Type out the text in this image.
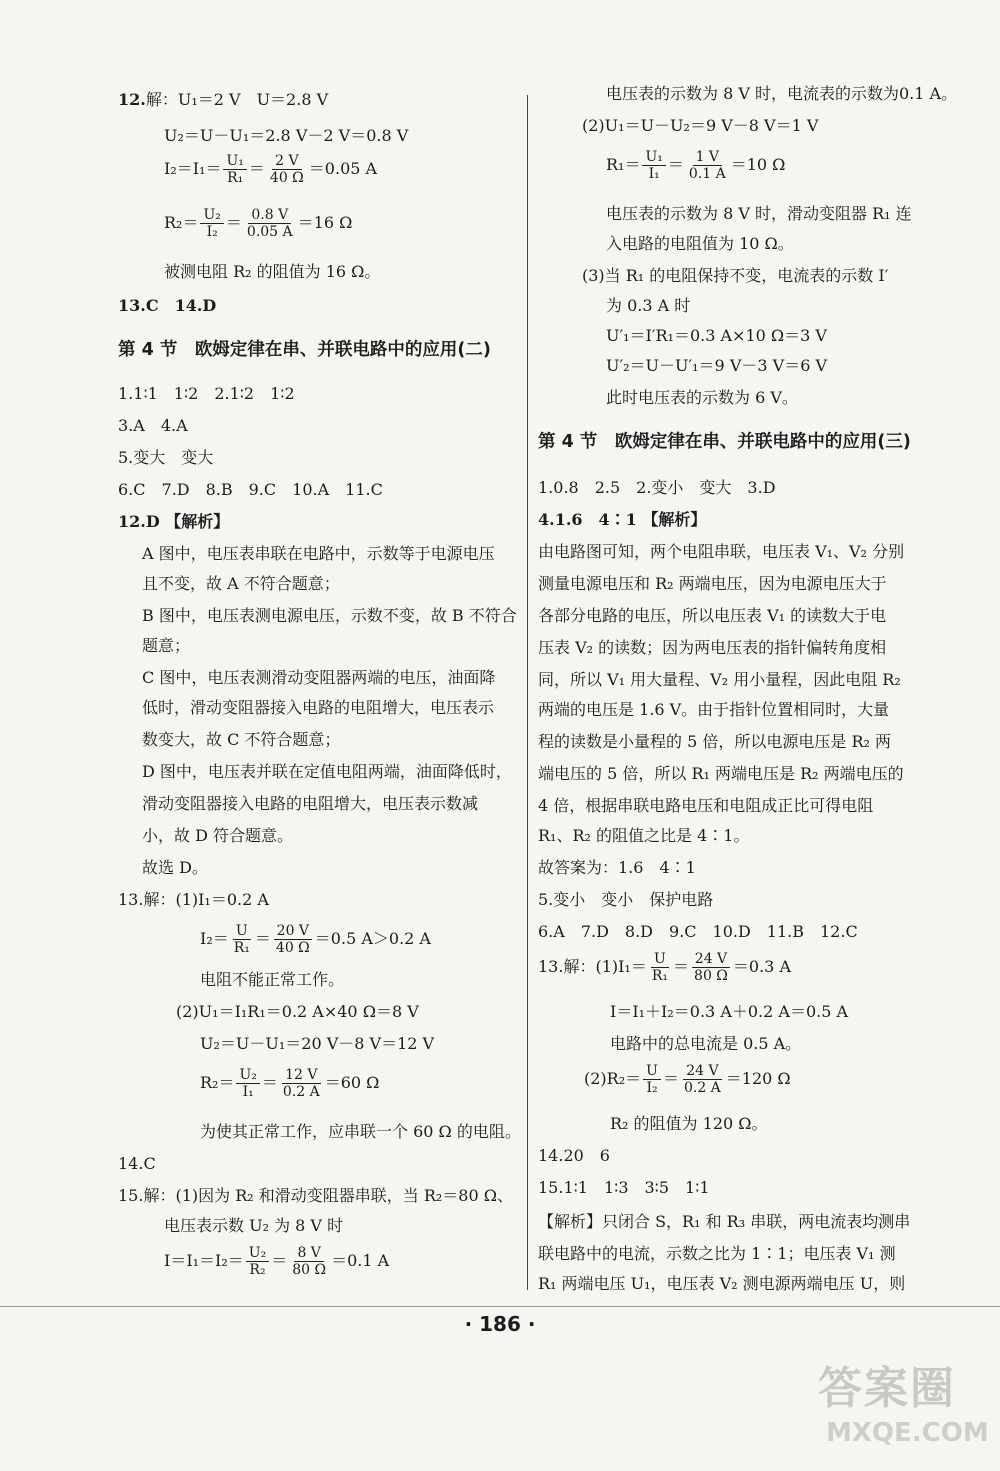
12.解：U₁＝2 V　U＝2.8 V
U₂＝U－U₁＝2.8 V－2 V＝0.8 V
$I_2=I_1= \frac{\text{U₁}}{\text{R₁}} = \frac{2 V}{40 \Omega} =0.05$ A
$R_2= \frac{\text{U₂}}{\text{I₂}} = \frac{0.8 V}{0.05 A} =16$ Ω
被测电阻 R₂ 的阻值为 16 Ω。
13.C　14.D
第 4 节　欧姆定律在串、并联电路中的应用(二)
1.1∶1　1∶2　2.1∶2　1∶2
3.A　4.A
5.变大　变大
6.C　7.D　8.B　9.C　10.A　11.C
12.D 【解析】
A 图中，电压表串联在电路中，示数等于电源电压
且不变，故 A 不符合题意；
B 图中，电压表测电源电压，示数不变，故 B 不符合
题意；
C 图中，电压表测滑动变阻器两端的电压，油面降
低时，滑动变阻器接入电路的电阻增大，电压表示
数变大，故 C 不符合题意；
D 图中，电压表并联在定值电阻两端，油面降低时，
滑动变阻器接入电路的电阻增大，电压表示数减
小，故 D 符合题意。
故选 D。
13.解：(1)I₁＝0.2 A
$I_2= \frac{U}{\text{R₁}} = \frac{20 V}{40 \Omega} =0.5$ A＞0.2 A
电阻不能正常工作。
(2)U₁＝I₁R₁＝0.2 A×40 Ω＝8 V
U₂＝U－U₁＝20 V－8 V＝12 V
$R_2= \frac{\text{U₂}}{\text{I₁}} = \frac{12 V}{0.2 A} =60$ Ω
为使其正常工作，应串联一个 60 Ω 的电阻。
14.C
15.解：(1)因为 R₂ 和滑动变阻器串联，当 R₂＝80 Ω、
电压表示数 U₂ 为 8 V 时
$I=I_1=I_2= \frac{\text{U₂}}{\text{R₂}} = \frac{8 V}{80 \Omega} =0.1$ A
电压表的示数为 8 V 时，电流表的示数为0.1 A。
(2)U₁＝U－U₂＝9 V－8 V＝1 V
$R_1= \frac{\text{U₁}}{\text{I₁}} = \frac{1 V}{0.1 A} =10$ Ω
电压表的示数为 8 V 时，滑动变阻器 R₁ 连
入电路的电阻值为 10 Ω。
(3)当 R₁ 的电阻保持不变，电流表的示数 I′
为 0.3 A 时
U′₁＝I′R₁＝0.3 A×10 Ω＝3 V
U′₂＝U－U′₁＝9 V－3 V＝6 V
此时电压表的示数为 6 V。
第 4 节　欧姆定律在串、并联电路中的应用(三)
1.0.8　2.5　2.变小　变大　3.D
4.1.6　4∶1 【解析】
由电路图可知，两个电阻串联，电压表 V₁、V₂ 分别
测量电源电压和 R₂ 两端电压，因为电源电压大于
各部分电路的电压，所以电压表 V₁ 的读数大于电
压表 V₂ 的读数；因为两电压表的指针偏转角度相
同，所以 V₁ 用大量程、V₂ 用小量程，因此电阻 R₂
两端的电压是 1.6 V。由于指针位置相同时，大量
程的读数是小量程的 5 倍，所以电源电压是 R₂ 两
端电压的 5 倍，所以 R₁ 两端电压是 R₂ 两端电压的
4 倍，根据串联电路电压和电阻成正比可得电阻
R₁、R₂ 的阻值之比是 4∶1。
故答案为：1.6　4∶1
5.变小　变小　保护电路
6.A　7.D　8.D　9.C　10.D　11.B　12.C
13.解：$(1)I_1= \frac{U}{\text{R₁}} = \frac{24 V}{80 \Omega} =0.3$ A
I＝I₁＋I₂＝0.3 A＋0.2 A＝0.5 A
电路中的总电流是 0.5 A。
$(2)R_2= \frac{U}{\text{I₂}} = \frac{24 V}{0.2 A} =120$ Ω
R₂ 的阻值为 120 Ω。
14.20　6
15.1∶1　1∶3　3∶5　1∶1
【解析】只闭合 S，R₁ 和 R₃ 串联，两电流表均测串
联电路中的电流，示数之比为 1∶1；电压表 V₁ 测
R₁ 两端电压 U₁，电压表 V₂ 测电源两端电压 U，则
· 186 ·
答案圈
MXQE.COM
